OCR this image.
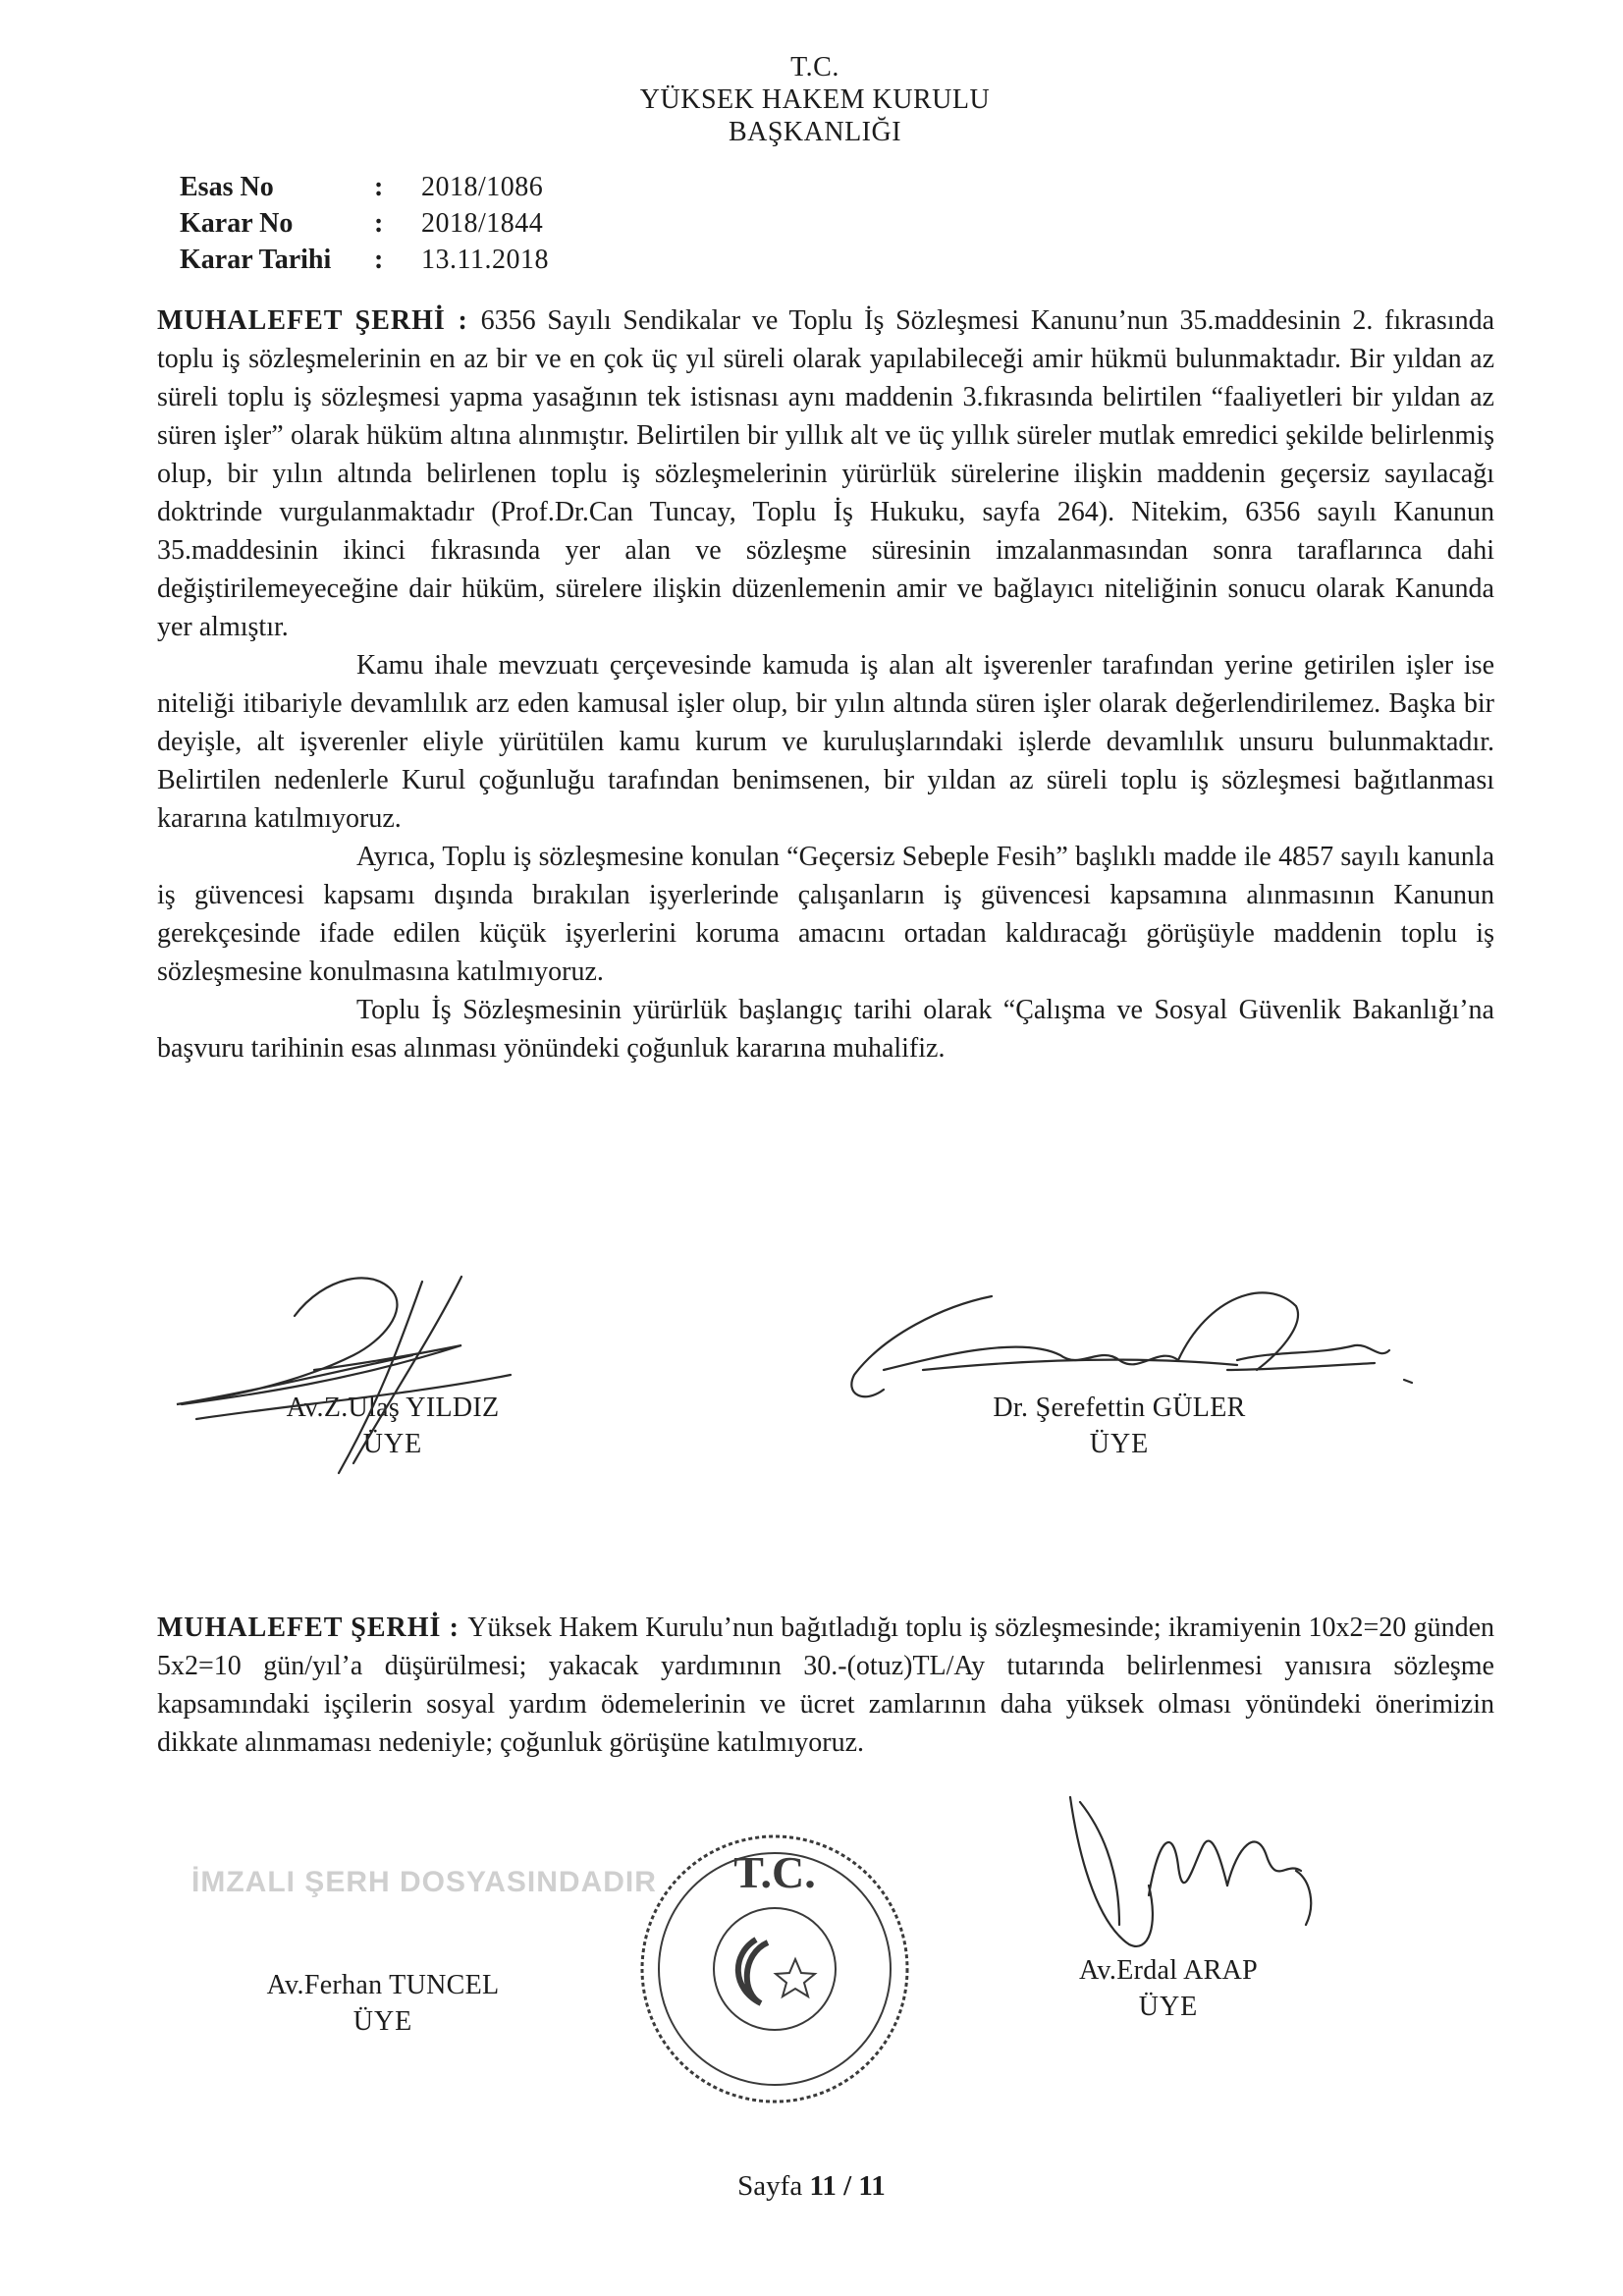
T.C.
YÜKSEK HAKEM KURULU
BAŞKANLIĞI
Esas No	:	2018/1086
Karar No	:	2018/1844
Karar Tarihi	:	13.11.2018

MUHALEFET ŞERHİ : 6356 Sayılı Sendikalar ve Toplu İş Sözleşmesi Kanunu’nun 35.maddesinin 2. fıkrasında toplu iş sözleşmelerinin en az bir ve en çok üç yıl süreli olarak yapılabileceği amir hükmü bulunmaktadır. Bir yıldan az süreli toplu iş sözleşmesi yapma yasağının tek istisnası aynı maddenin 3.fıkrasında belirtilen “faaliyetleri bir yıldan az süren işler” olarak hüküm altına alınmıştır. Belirtilen bir yıllık alt ve üç yıllık süreler mutlak emredici şekilde belirlenmiş olup, bir yılın altında belirlenen toplu iş sözleşmelerinin yürürlük sürelerine ilişkin maddenin geçersiz sayılacağı doktrinde vurgulanmaktadır (Prof.Dr.Can Tuncay, Toplu İş Hukuku, sayfa 264). Nitekim, 6356 sayılı Kanunun 35.maddesinin ikinci fıkrasında yer alan ve sözleşme süresinin imzalanmasından sonra taraflarınca dahi değiştirilemeyeceğine dair hüküm, sürelere ilişkin düzenlemenin amir ve bağlayıcı niteliğinin sonucu olarak Kanunda yer almıştır.

Kamu ihale mevzuatı çerçevesinde kamuda iş alan alt işverenler tarafından yerine getirilen işler ise niteliği itibariyle devamlılık arz eden kamusal işler olup, bir yılın altında süren işler olarak değerlendirilemez. Başka bir deyişle, alt işverenler eliyle yürütülen kamu kurum ve kuruluşlarındaki işlerde devamlılık unsuru bulunmaktadır. Belirtilen nedenlerle Kurul çoğunluğu tarafından benimsenen, bir yıldan az süreli toplu iş sözleşmesi bağıtlanması kararına katılmıyoruz.

Ayrıca, Toplu iş sözleşmesine konulan “Geçersiz Sebeple Fesih” başlıklı madde ile 4857 sayılı kanunla iş güvencesi kapsamı dışında bırakılan işyerlerinde çalışanların iş güvencesi kapsamına alınmasının Kanunun gerekçesinde ifade edilen küçük işyerlerini koruma amacını ortadan kaldıracağı görüşüyle maddenin toplu iş sözleşmesine konulmasına katılmıyoruz.

Toplu İş Sözleşmesinin yürürlük başlangıç tarihi olarak “Çalışma ve Sosyal Güvenlik Bakanlığı’na başvuru tarihinin esas alınması yönündeki çoğunluk kararına muhalifiz.

Av.Z.Ulaş YILDIZ
ÜYE
Dr. Şerefettin GÜLER
ÜYE

MUHALEFET ŞERHİ : Yüksek Hakem Kurulu’nun bağıtladığı toplu iş sözleşmesinde; ikramiyenin 10x2=20 günden 5x2=10 gün/yıl’a düşürülmesi; yakacak yardımının 30.-(otuz)TL/Ay tutarında belirlenmesi yanısıra sözleşme kapsamındaki işçilerin sosyal yardım ödemelerinin ve ücret zamlarının daha yüksek olması yönündeki önerimizin dikkate alınmaması nedeniyle; çoğunluk görüşüne katılmıyoruz.

İMZALI ŞERH DOSYASINDADIR
Av.Ferhan TUNCEL
ÜYE
Av.Erdal ARAP
ÜYE
T.C.
Sayfa 11 / 11
